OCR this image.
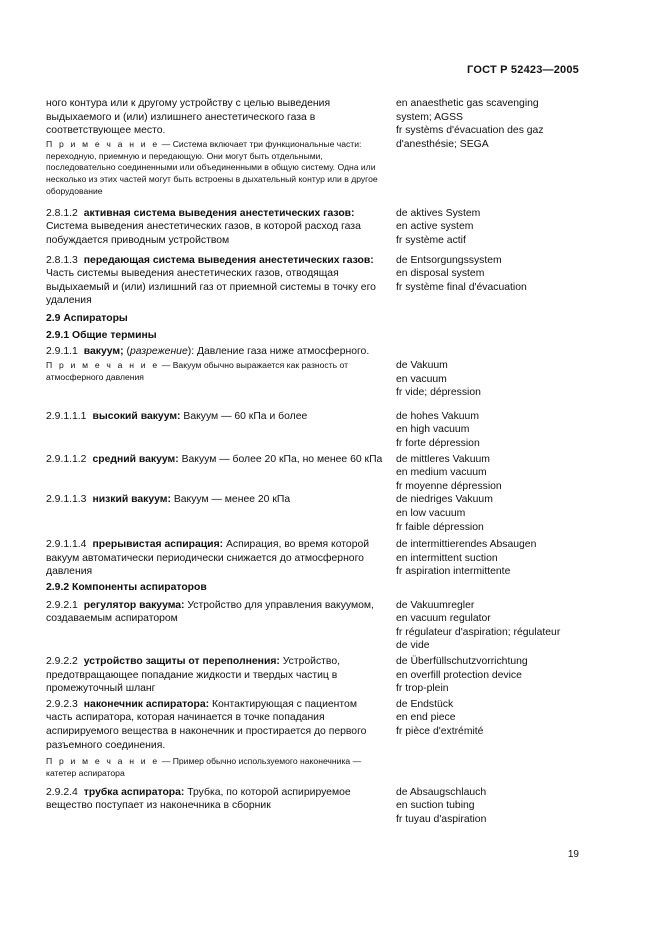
ГОСТ Р 52423—2005
ного контура или к другому устройству с целью выведения выдыхаемого и (или) излишнего анестетического газа в соответствующее место.
П р и м е ч а н и е — Система включает три функциональные части: переходную, приемную и передающую. Они могут быть отдельными, последовательно соединенными или объединенными в общую систему. Одна или несколько из этих частей могут быть встроены в дыхательный контур или в другое оборудование
en anaesthetic gas scavenging
system; AGSS
fr systèms d'évacuation des gaz
d'anesthésie; SEGA
2.8.1.2 активная система выведения анестетических газов: Система выведения анестетических газов, в которой расход газа побуждается приводным устройством
de aktives System
en active system
fr système actif
2.8.1.3 передающая система выведения анестетических газов: Часть системы выведения анестетических газов, отводящая выдыхаемый и (или) излишний газ от приемной системы в точку его удаления
de Entsorgungssystem
en disposal system
fr système final d'évacuation
2.9 Аспираторы
2.9.1 Общие термины
2.9.1.1 вакуум; (разрежение): Давление газа ниже атмосферного.
П р и м е ч а н и е — Вакуум обычно выражается как разность от атмосферного давления
de Vakuum
en vacuum
fr vide; dépression
2.9.1.1.1 высокий вакуум: Вакуум — 60 кПа и более	de hohes Vakuum
en high vacuum
fr forte dépression
2.9.1.1.2 средний вакуум: Вакуум — более 20 кПа, но менее 60 кПа de mittleres Vakuum
en medium vacuum
fr moyenne dépression
2.9.1.1.3 низкий вакуум: Вакуум — менее 20 кПа	de niedriges Vakuum
en low vacuum
fr faible dépression
2.9.1.1.4 прерывистая аспирация: Аспирация, во время которой вакуум автоматически периодически снижается до атмосферного давления
de intermittierendes Absaugen
en intermittent suction
fr aspiration intermittente
2.9.2 Компоненты аспираторов
2.9.2.1 регулятор вакуума: Устройство для управления вакуумом, создаваемым аспиратором
de Vakuumregler
en vacuum regulator
fr régulateur d'aspiration; régulateur
de vide
2.9.2.2 устройство защиты от переполнения: Устройство, предотвращающее попадание жидкости и твердых частиц в промежуточный шланг
de Überfüllschutzvorrichtung
en overfill protection device
fr trop-plein
2.9.2.3 наконечник аспиратора: Контактирующая с пациентом часть аспиратора, которая начинается в точке попадания аспирируемого вещества в наконечник и простирается до первого разъемного соединения.
П р и м е ч а н и е — Пример обычно используемого наконечника — катетер аспиратора
de Endstück
en end piece
fr pièce d'extrémité
2.9.2.4 трубка аспиратора: Трубка, по которой аспирируемое вещество поступает из наконечника в сборник
de Absaugschlauch
en suction tubing
fr tuyau d'aspiration
19
